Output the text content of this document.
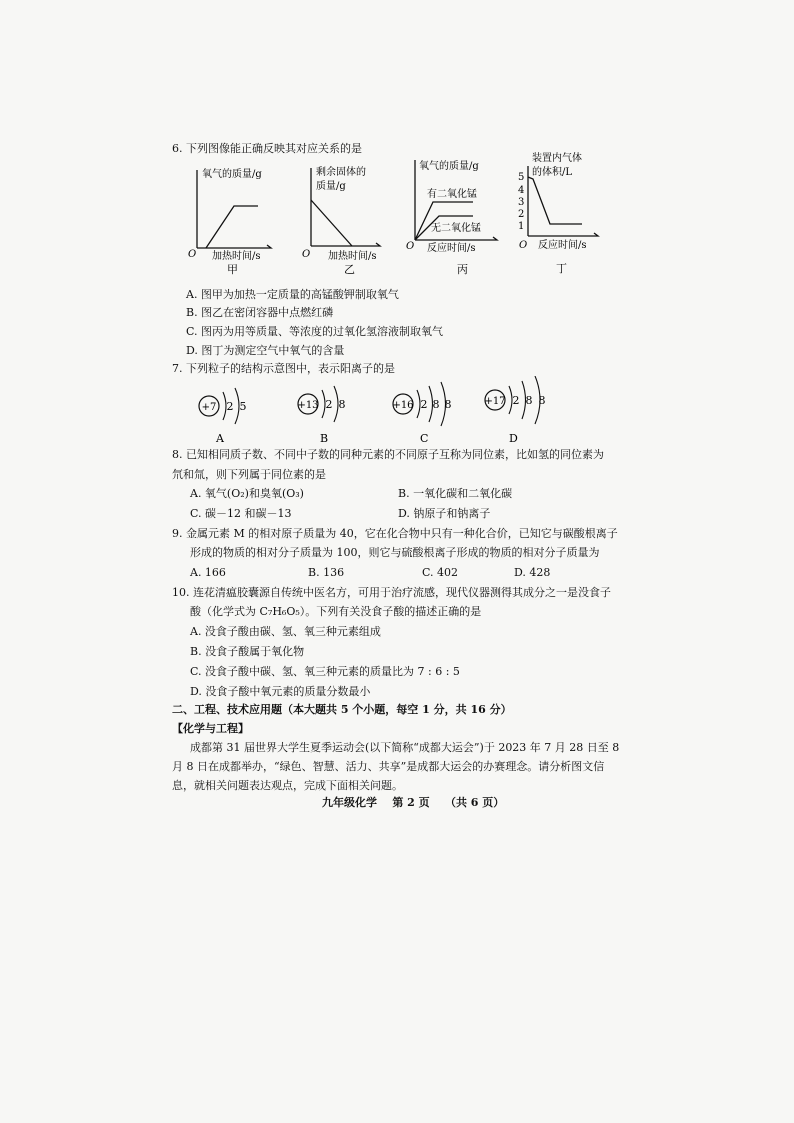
6. 下列图像能正确反映其对应关系的是
氧气的质量/g
O 加热时间/s
甲
剩余固体的
质量/g
O 加热时间/s
乙
氧气的质量/g
有二氧化锰
无二氧化锰
O 反应时间/s
丙
装置内气体
的体积/L
5
4
3
2
1
O 反应时间/s
丁
A. 图甲为加热一定质量的高锰酸钾制取氧气
B. 图乙在密闭容器中点燃红磷
C. 图丙为用等质量、等浓度的过氧化氢溶液制取氧气
D. 图丁为测定空气中氧气的含量
7. 下列粒子的结构示意图中，表示阳离子的是
+7 2 5
A
+13 2 8
B
+16 2 8 8
C
+17 2 8 8
D
8. 已知相同质子数、不同中子数的同种元素的不同原子互称为同位素，比如氢的同位素为
氘和氚，则下列属于同位素的是
A. 氧气(O₂)和臭氧(O₃)	B. 一氧化碳和二氧化碳
C. 碳－12 和碳－13	D. 钠原子和钠离子
9. 金属元素 M 的相对原子质量为 40，它在化合物中只有一种化合价，已知它与碳酸根离子
形成的物质的相对分子质量为 100，则它与硫酸根离子形成的物质的相对分子质量为
A. 166	B. 136	C. 402	D. 428
10. 连花清瘟胶囊源自传统中医名方，可用于治疗流感，现代仪器测得其成分之一是没食子
酸（化学式为 C₇H₆O₅）。下列有关没食子酸的描述正确的是
A. 没食子酸由碳、氢、氧三种元素组成
B. 没食子酸属于氧化物
C. 没食子酸中碳、氢、氧三种元素的质量比为 7 : 6 : 5
D. 没食子酸中氧元素的质量分数最小
二、工程、技术应用题（本大题共 5 个小题，每空 1 分，共 16 分）
【化学与工程】
成都第 31 届世界大学生夏季运动会(以下简称“成都大运会”)于 2023 年 7 月 28 日至 8
月 8 日在成都举办，“绿色、智慧、活力、共享”是成都大运会的办赛理念。请分析图文信
息，就相关问题表达观点，完成下面相关问题。
九年级化学    第 2 页    （共 6 页）
